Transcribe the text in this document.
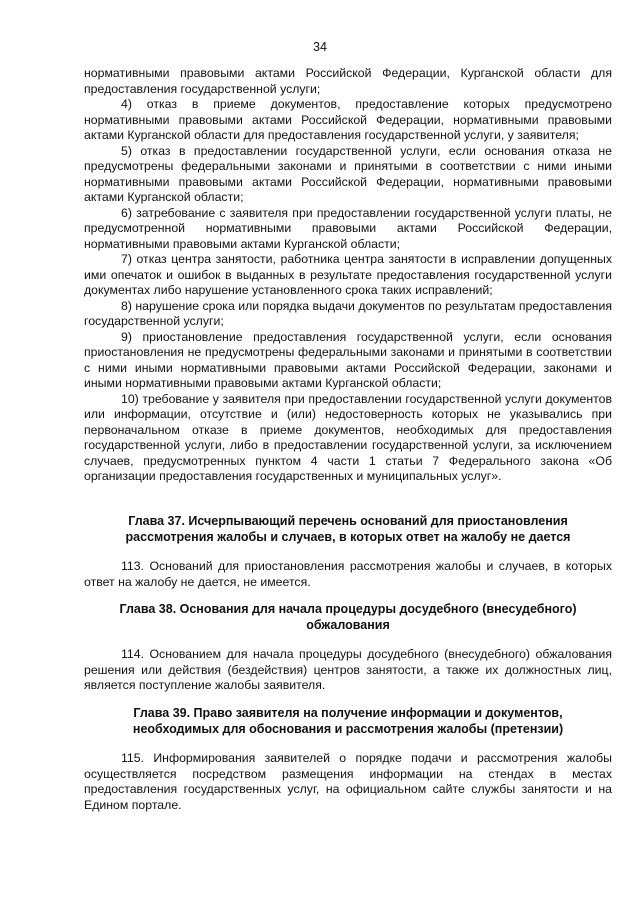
34

нормативными правовыми актами Российской Федерации, Курганской области для предоставления государственной услуги;

4) отказ в приеме документов, предоставление которых предусмотрено нормативными правовыми актами Российской Федерации, нормативными правовыми актами Курганской области для предоставления государственной услуги, у заявителя;

5) отказ в предоставлении государственной услуги, если основания отказа не предусмотрены федеральными законами и принятыми в соответствии с ними иными нормативными правовыми актами Российской Федерации, нормативными правовыми актами Курганской области;

6) затребование с заявителя при предоставлении государственной услуги платы, не предусмотренной нормативными правовыми актами Российской Федерации, нормативными правовыми актами Курганской области;

7) отказ центра занятости, работника центра занятости в исправлении допущенных ими опечаток и ошибок в выданных в результате предоставления государственной услуги документах либо нарушение установленного срока таких исправлений;

8) нарушение срока или порядка выдачи документов по результатам предоставления государственной услуги;

9) приостановление предоставления государственной услуги, если основания приостановления не предусмотрены федеральными законами и принятыми в соответствии с ними иными нормативными правовыми актами Российской Федерации, законами и иными нормативными правовыми актами Курганской области;

10) требование у заявителя при предоставлении государственной услуги документов или информации, отсутствие и (или) недостоверность которых не указывались при первоначальном отказе в приеме документов, необходимых для предоставления государственной услуги, либо в предоставлении государственной услуги, за исключением случаев, предусмотренных пунктом 4 части 1 статьи 7 Федерального закона «Об организации предоставления государственных и муниципальных услуг».

Глава 37. Исчерпывающий перечень оснований для приостановления
рассмотрения жалобы и случаев, в которых ответ на жалобу не дается

113. Оснований для приостановления рассмотрения жалобы и случаев, в которых ответ на жалобу не дается, не имеется.

Глава 38. Основания для начала процедуры досудебного (внесудебного)
обжалования

114. Основанием для начала процедуры досудебного (внесудебного) обжалования решения или действия (бездействия) центров занятости, а также их должностных лиц, является поступление жалобы заявителя.

Глава 39. Право заявителя на получение информации и документов,
необходимых для обоснования и рассмотрения жалобы (претензии)

115. Информирования заявителей о порядке подачи и рассмотрения жалобы осуществляется посредством размещения информации на стендах в местах предоставления государственных услуг, на официальном сайте службы занятости и на Едином портале.
